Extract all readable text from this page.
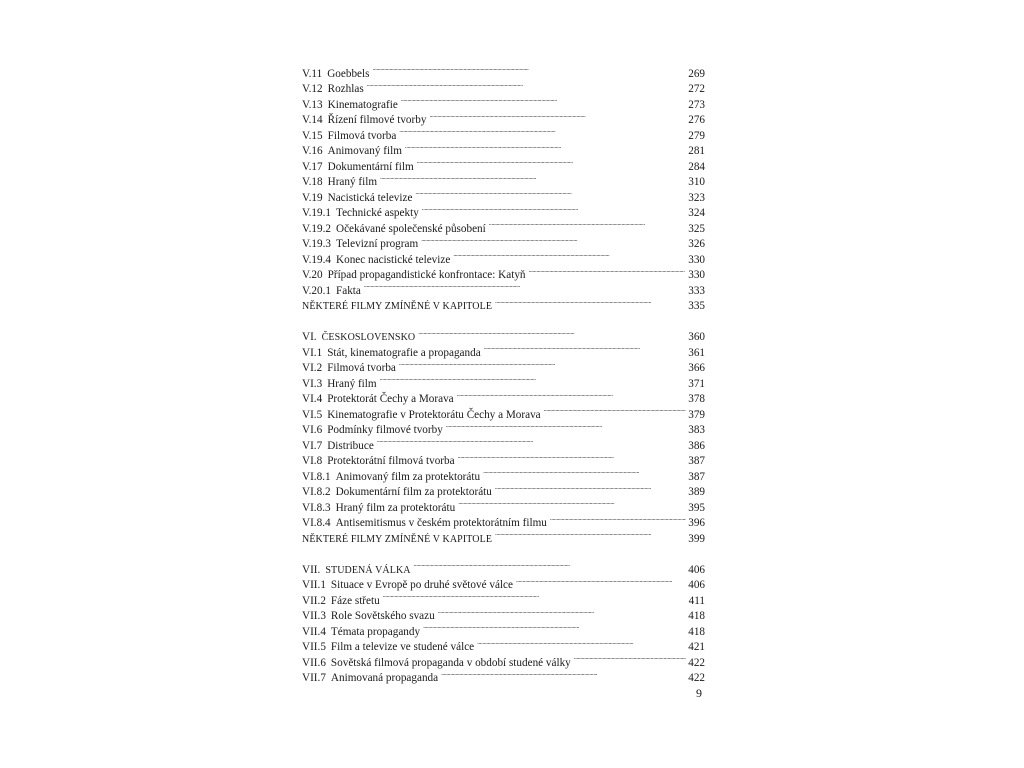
V.11 Goebbels . . .	269
V.12 Rozhlas . . .	272
V.13 Kinematografie . . .	273
V.14 Řízení filmové tvorby . . .	276
V.15 Filmová tvorba . . .	279
V.16 Animovaný film . . .	281
V.17 Dokumentární film . . .	284
V.18 Hraný film . . .	310
V.19 Nacistická televize . . .	323
V.19.1 Technické aspekty . . .	324
V.19.2 Očekávané společenské působení . . .	325
V.19.3 Televizní program . . .	326
V.19.4 Konec nacistické televize . . .	330
V.20 Případ propagandistické konfrontace: Katyň . . .	330
V.20.1 Fakta . . .	333
NĚKTERÉ FILMY ZMÍNĚNÉ V KAPITOLE . . .	335
VI. ČESKOSLOVENSKO . . .	360
VI.1 Stát, kinematografie a propaganda . . .	361
VI.2 Filmová tvorba . . .	366
VI.3 Hraný film . . .	371
VI.4 Protektorát Čechy a Morava . . .	378
VI.5 Kinematografie v Protektorátu Čechy a Morava . . .	379
VI.6 Podmínky filmové tvorby . . .	383
VI.7 Distribuce . . .	386
VI.8 Protektorátní filmová tvorba . . .	387
VI.8.1 Animovaný film za protektorátu . . .	387
VI.8.2 Dokumentární film za protektorátu . . .	389
VI.8.3 Hraný film za protektorátu . . .	395
VI.8.4 Antisemitismus v českém protektorátním filmu . . .	396
NĚKTERÉ FILMY ZMÍNĚNÉ V KAPITOLE . . .	399
VII. STUDENÁ VÁLKA . . .	406
VII.1 Situace v Evropě po druhé světové válce . . .	406
VII.2 Fáze střetu . . .	411
VII.3 Role Sovětského svazu . . .	418
VII.4 Témata propagandy . . .	418
VII.5 Film a televize ve studené válce . . .	421
VII.6 Sovětská filmová propaganda v období studené války . . .	422
VII.7 Animovaná propaganda . . .	422
9
